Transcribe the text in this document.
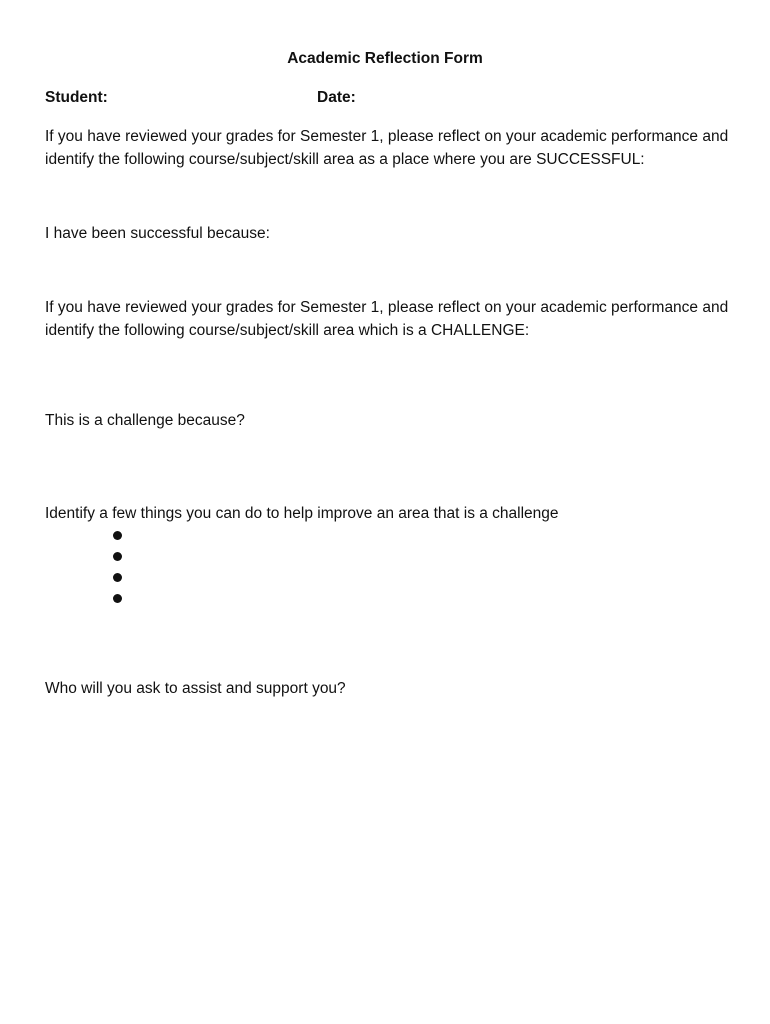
Academic Reflection Form
Student:	Date:
If you have reviewed your grades for Semester 1, please reflect on your academic performance and identify the following course/subject/skill area as a place where you are SUCCESSFUL:
I have been successful because:
If you have reviewed your grades for Semester 1, please reflect on your academic performance and identify the following course/subject/skill area which is a CHALLENGE:
This is a challenge because?
Identify a few things you can do to help improve an area that is a challenge
Who will you ask to assist and support you?
